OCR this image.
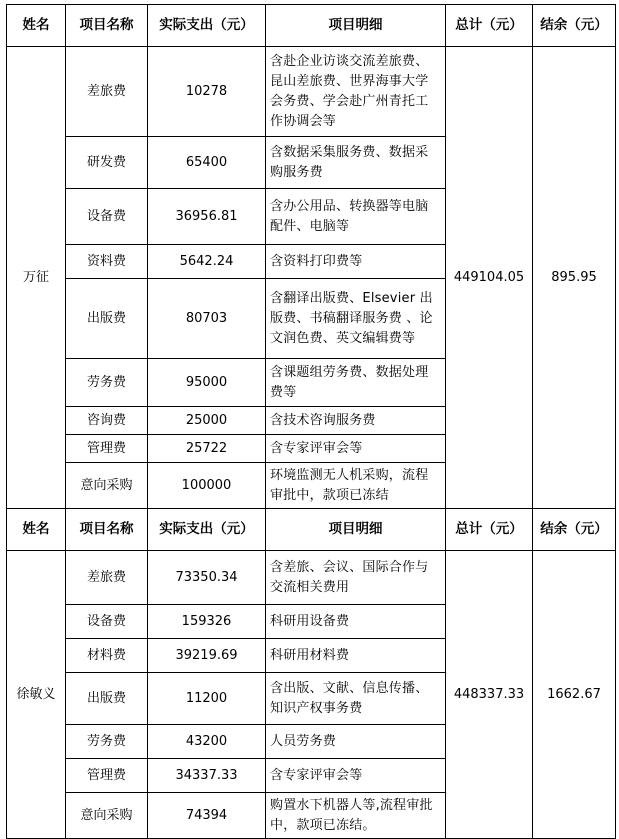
姓名	项目名称	实际支出（元）	项目明细	总计（元）	结余（元）
万征	差旅费	10278	含赴企业访谈交流差旅费、昆山差旅费、世界海事大学会务费、学会赴广州青托工作协调会等	449104.05	895.95
	研发费	65400	含数据采集服务费、数据采购服务费		
	设备费	36956.81	含办公用品、转换器等电脑配件、电脑等		
	资料费	5642.24	含资料打印费等		
	出版费	80703	含翻译出版费、Elsevier 出版费、书稿翻译服务费 、论文润色费、英文编辑费等		
	劳务费	95000	含课题组劳务费、数据处理费等		
	咨询费	25000	含技术咨询服务费		
	管理费	25722	含专家评审会等		
	意向采购	100000	环境监测无人机采购，流程审批中，款项已冻结		
姓名	项目名称	实际支出（元）	项目明细	总计（元）	结余（元）
徐敏义	差旅费	73350.34	含差旅、会议、国际合作与交流相关费用	448337.33	1662.67
	设备费	159326	科研用设备费		
	材料费	39219.69	科研用材料费		
	出版费	11200	含出版、文献、信息传播、知识产权事务费		
	劳务费	43200	人员劳务费		
	管理费	34337.33	含专家评审会等		
	意向采购	74394	购置水下机器人等,流程审批中，款项已冻结。		
